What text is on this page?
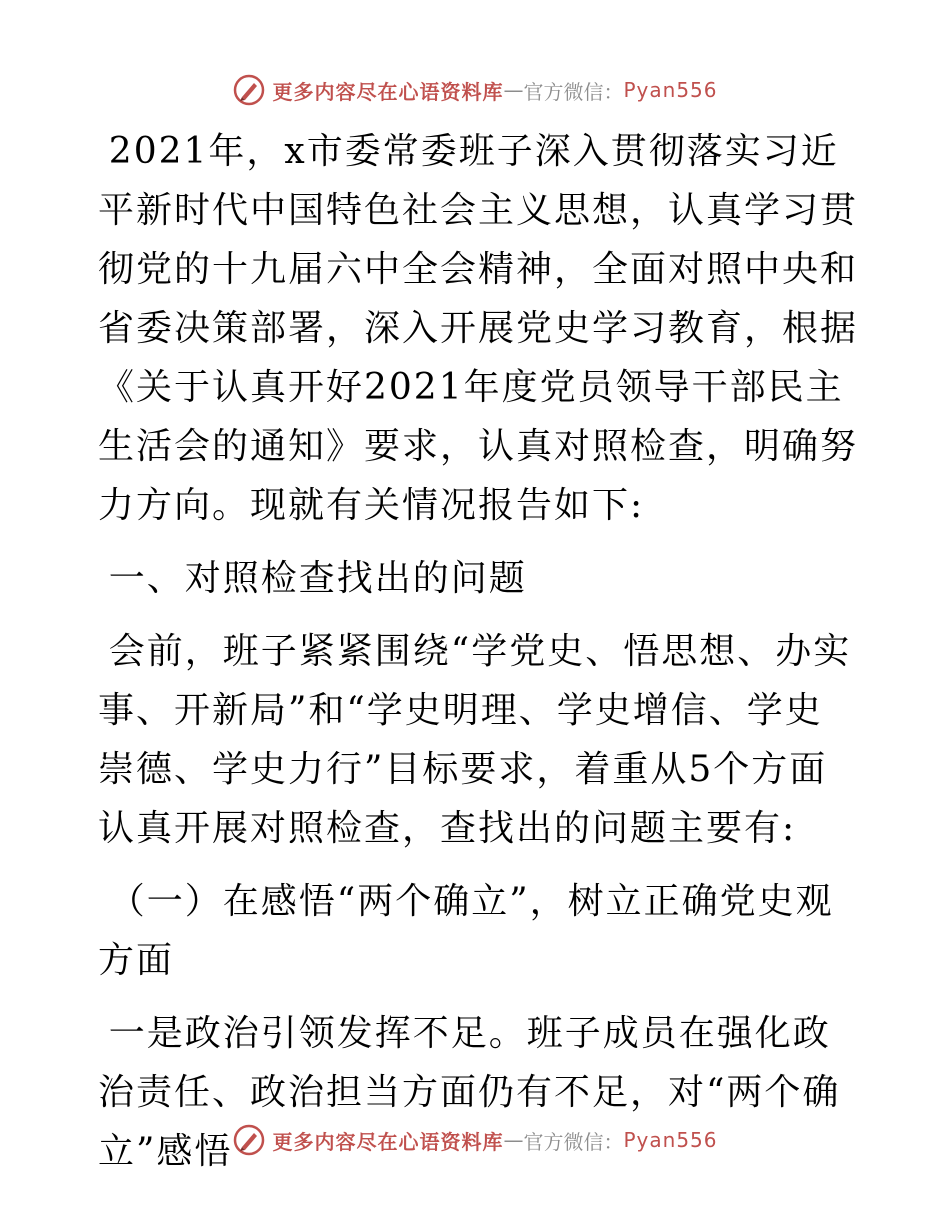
更多内容尽在心语资料库 — 官方微信： Pyan556

2021年，x市委常委班子深入贯彻落实习近平新时代中国特色社会主义思想，认真学习贯彻党的十九届六中全会精神，全面对照中央和省委决策部署，深入开展党史学习教育，根据《关于认真开好2021年度党员领导干部民主生活会的通知》要求，认真对照检查，明确努力方向。现就有关情况报告如下:

一、对照检查找出的问题

会前，班子紧紧围绕“学党史、悟思想、办实事、开新局”和“学史明理、学史增信、学史崇德、学史力行”目标要求，着重从5个方面认真开展对照检查，查找出的问题主要有:

（一）在感悟“两个确立”，树立正确党史观方面

一是政治引领发挥不足。班子成员在强化政治责任、政治担当方面仍有不足，对“两个确立”感悟	更多内容尽在心语资料库 — 官方微信： Pyan556
